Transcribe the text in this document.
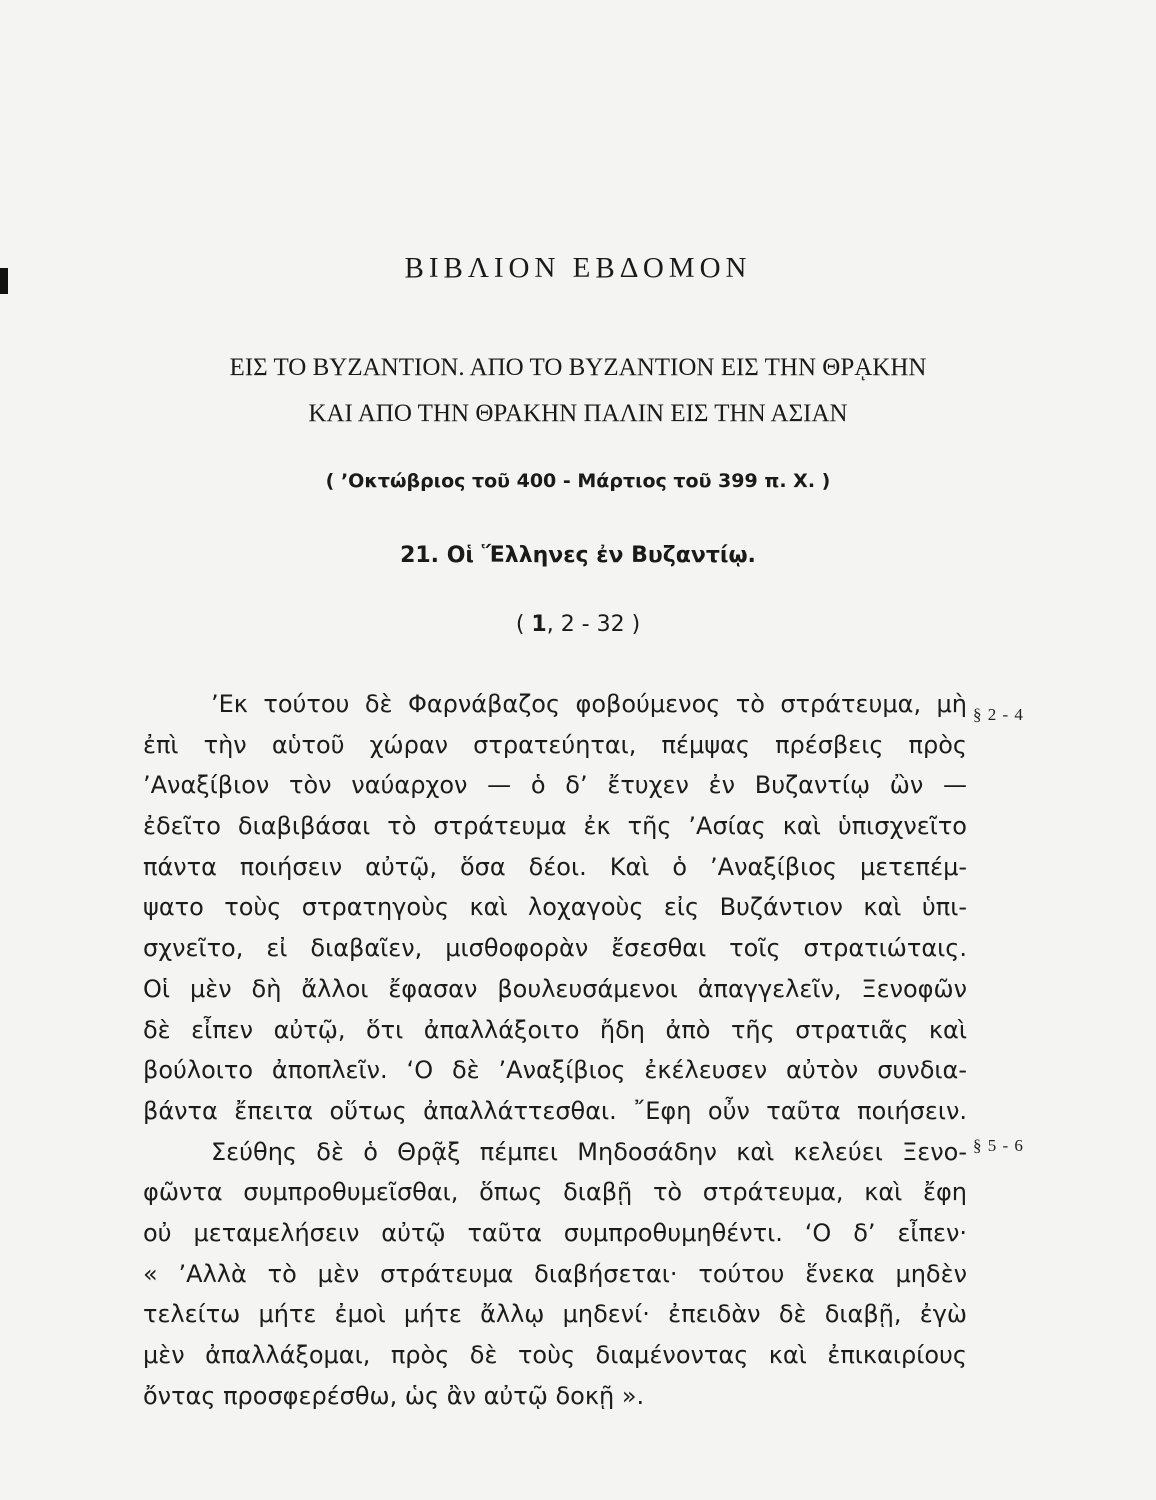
ΒΙΒΛΙΟΝ ΕΒΔΟΜΟΝ
ΕΙΣ ΤΟ ΒΥΖΑΝΤΙΟΝ. ΑΠΟ ΤΟ ΒΥΖΑΝΤΙΟΝ ΕΙΣ ΤΗΝ ΘΡᾼΚΗΝ
ΚΑΙ ΑΠΟ ΤΗΝ ΘΡΑΚΗΝ ΠΑΛΙΝ ΕΙΣ ΤΗΝ ΑΣΙΑΝ
( ’Οκτώβριος τοῦ 400 - Μάρτιος τοῦ 399 π. Χ. )
21. Οἱ Ἕλληνες ἐν Βυζαντίῳ.
( 1, 2 - 32 )
’Εκ τούτου δὲ Φαρνάβαζος φοβούμενος τὸ στράτευμα, μὴ
ἐπὶ τὴν αὑτοῦ χώραν στρατεύηται, πέμψας πρέσβεις πρὸς
’Αναξίβιον τὸν ναύαρχον — ὁ δ’ ἔτυχεν ἐν Βυζαντίῳ ὢν —
ἐδεῖτο διαβιβάσαι τὸ στράτευμα ἐκ τῆς ’Ασίας καὶ ὑπισχνεῖτο
πάντα ποιήσειν αὐτῷ, ὅσα δέοι. Καὶ ὁ ’Αναξίβιος μετεπέμ-
ψατο τοὺς στρατηγοὺς καὶ λοχαγοὺς εἰς Βυζάντιον καὶ ὑπι-
σχνεῖτο, εἰ διαβαῖεν, μισθοφορὰν ἔσεσθαι τοῖς στρατιώταις.
Οἱ μὲν δὴ ἄλλοι ἔφασαν βουλευσάμενοι ἀπαγγελεῖν, Ξενοφῶν
δὲ εἶπεν αὐτῷ, ὅτι ἀπαλλάξοιτο ἤδη ἀπὸ τῆς στρατιᾶς καὶ
βούλοιτο ἀποπλεῖν. ‘Ο δὲ ’Αναξίβιος ἐκέλευσεν αὐτὸν συνδια-
βάντα ἔπειτα οὕτως ἀπαλλάττεσθαι. ῎Εφη οὖν ταῦτα ποιήσειν.
Σεύθης δὲ ὁ Θρᾷξ πέμπει Μηδοσάδην καὶ κελεύει Ξενο-
φῶντα συμπροθυμεῖσθαι, ὅπως διαβῇ τὸ στράτευμα, καὶ ἔφη
οὐ μεταμελήσειν αὐτῷ ταῦτα συμπροθυμηθέντι. ‘Ο δ’ εἶπεν·
« ’Αλλὰ τὸ μὲν στράτευμα διαβήσεται· τούτου ἕνεκα μηδὲν
τελείτω μήτε ἐμοὶ μήτε ἄλλῳ μηδενί· ἐπειδὰν δὲ διαβῇ, ἐγὼ
μὲν ἀπαλλάξομαι, πρὸς δὲ τοὺς διαμένοντας καὶ ἐπικαιρίους
ὄντας προσφερέσθω, ὡς ἂν αὐτῷ δοκῇ ».
§ 2 - 4
§ 5 - 6
